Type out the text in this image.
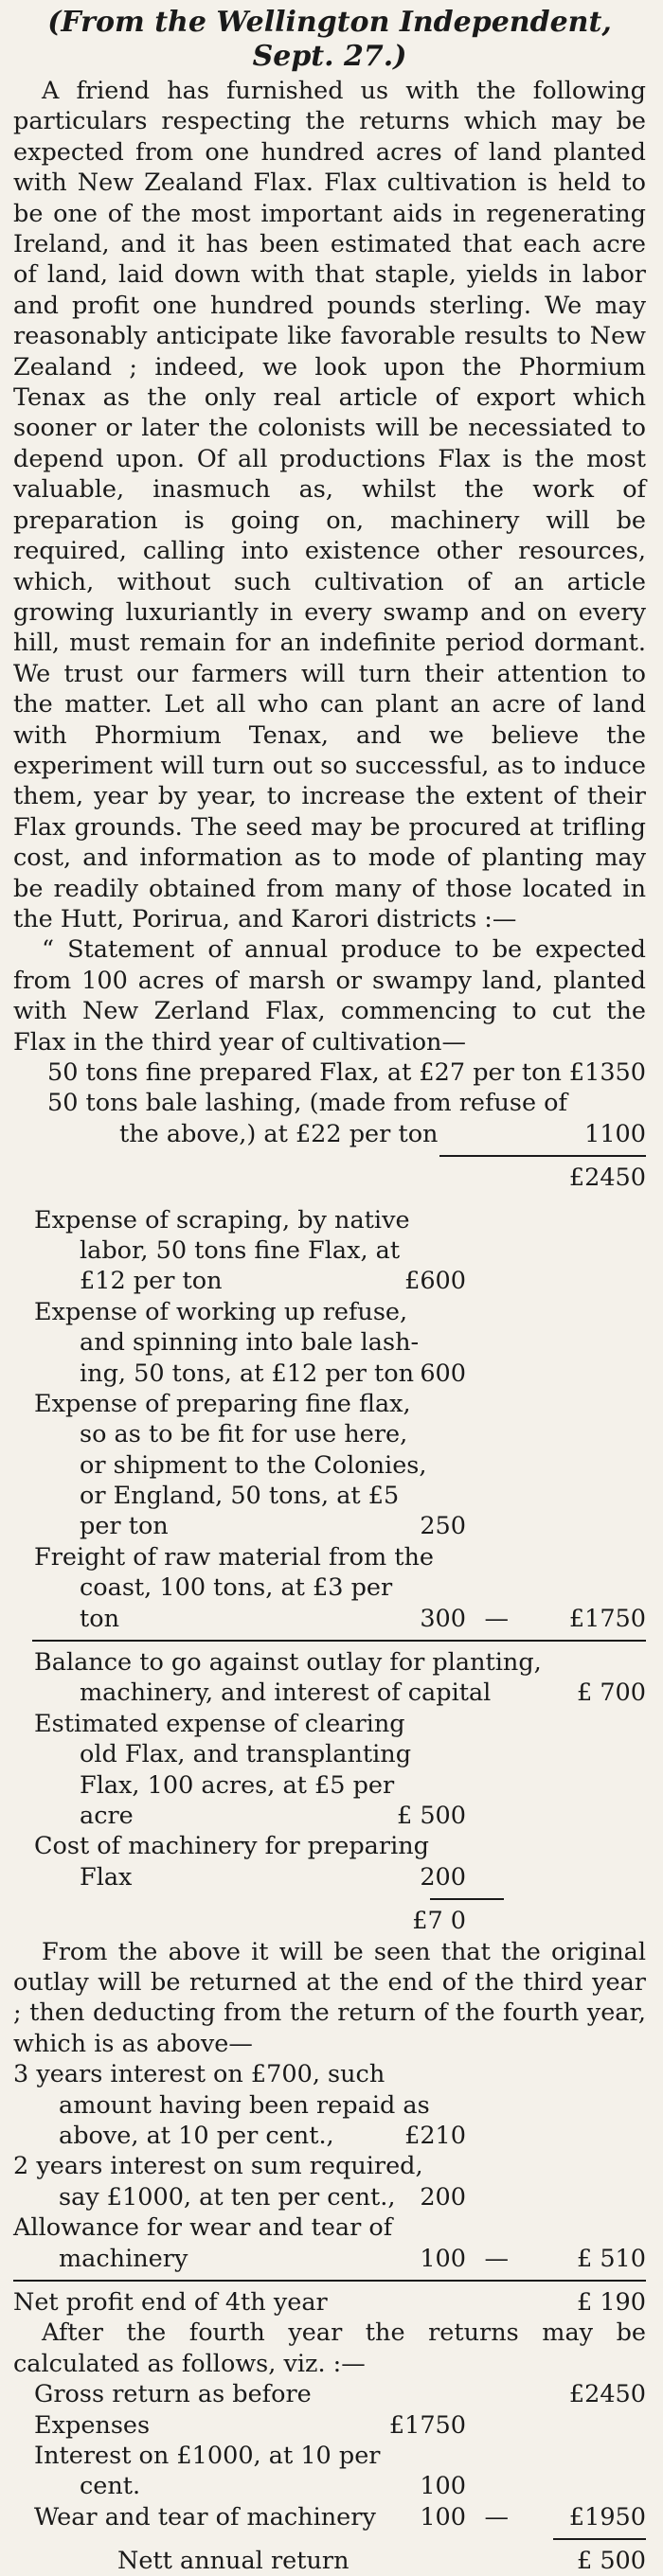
(From the Wellington Independent, Sept. 27.)

A friend has furnished us with the following particulars respecting the returns which may be expected from one hundred acres of land planted with New Zealand Flax. Flax cultivation is held to be one of the most important aids in regenerating Ireland, and it has been estimated that each acre of land, laid down with that staple, yields in labor and profit one hundred pounds sterling. We may reasonably anticipate like favorable results to New Zealand ; indeed, we look upon the Phormium Tenax as the only real article of export which sooner or later the colonists will be necessiated to depend upon. Of all productions Flax is the most valuable, inasmuch as, whilst the work of preparation is going on, machinery will be required, calling into existence other resources, which, without such cultivation of an article growing luxuriantly in every swamp and on every hill, must remain for an indefinite period dormant. We trust our farmers will turn their attention to the matter. Let all who can plant an acre of land with Phormium Tenax, and we believe the experiment will turn out so successful, as to induce them, year by year, to increase the extent of their Flax grounds. The seed may be procured at trifling cost, and information as to mode of planting may be readily obtained from many of those located in the Hutt, Porirua, and Karori districts :—

“ Statement of annual produce to be expected from 100 acres of marsh or swampy land, planted with New Zerland Flax, commencing to cut the Flax in the third year of cultivation—

50 tons fine prepared Flax, at £27 per ton £1350
50 tons bale lashing, (made from refuse of
the above,) at £22 per ton	1100
£2450
Expense of scraping, by native
labor, 50 tons fine Flax, at
£12 per ton	£600
Expense of working up refuse,
and spinning into bale lash-
ing, 50 tons, at £12 per ton 600
Expense of preparing fine flax,
so as to be fit for use here,
or shipment to the Colonies,
or England, 50 tons, at £5
per ton	250
Freight of raw material from the
coast, 100 tons, at £3 per
ton	300 —	£1750
Balance to go against outlay for planting,
machinery, and interest of capital	£ 700
Estimated expense of clearing
old Flax, and transplanting
Flax, 100 acres, at £5 per
acre	£ 500
Cost of machinery for preparing
Flax	200
£7 0

From the above it will be seen that the original outlay will be returned at the end of the third year ; then deducting from the return of the fourth year, which is as above—

3 years interest on £700, such
amount having been repaid as
above, at 10 per cent.,	£210
2 years interest on sum required,
say £1000, at ten per cent., 200
Allowance for wear and tear of
machinery	100 —	£ 510
Net profit end of 4th year	£ 190

After the fourth year the returns may be calculated as follows, viz. :—

Gross return as before	£2450
Expenses	£1750
Interest on £1000, at 10 per
cent.	100
Wear and tear of machinery 100 —	£1950
Nett annual return	£ 500
